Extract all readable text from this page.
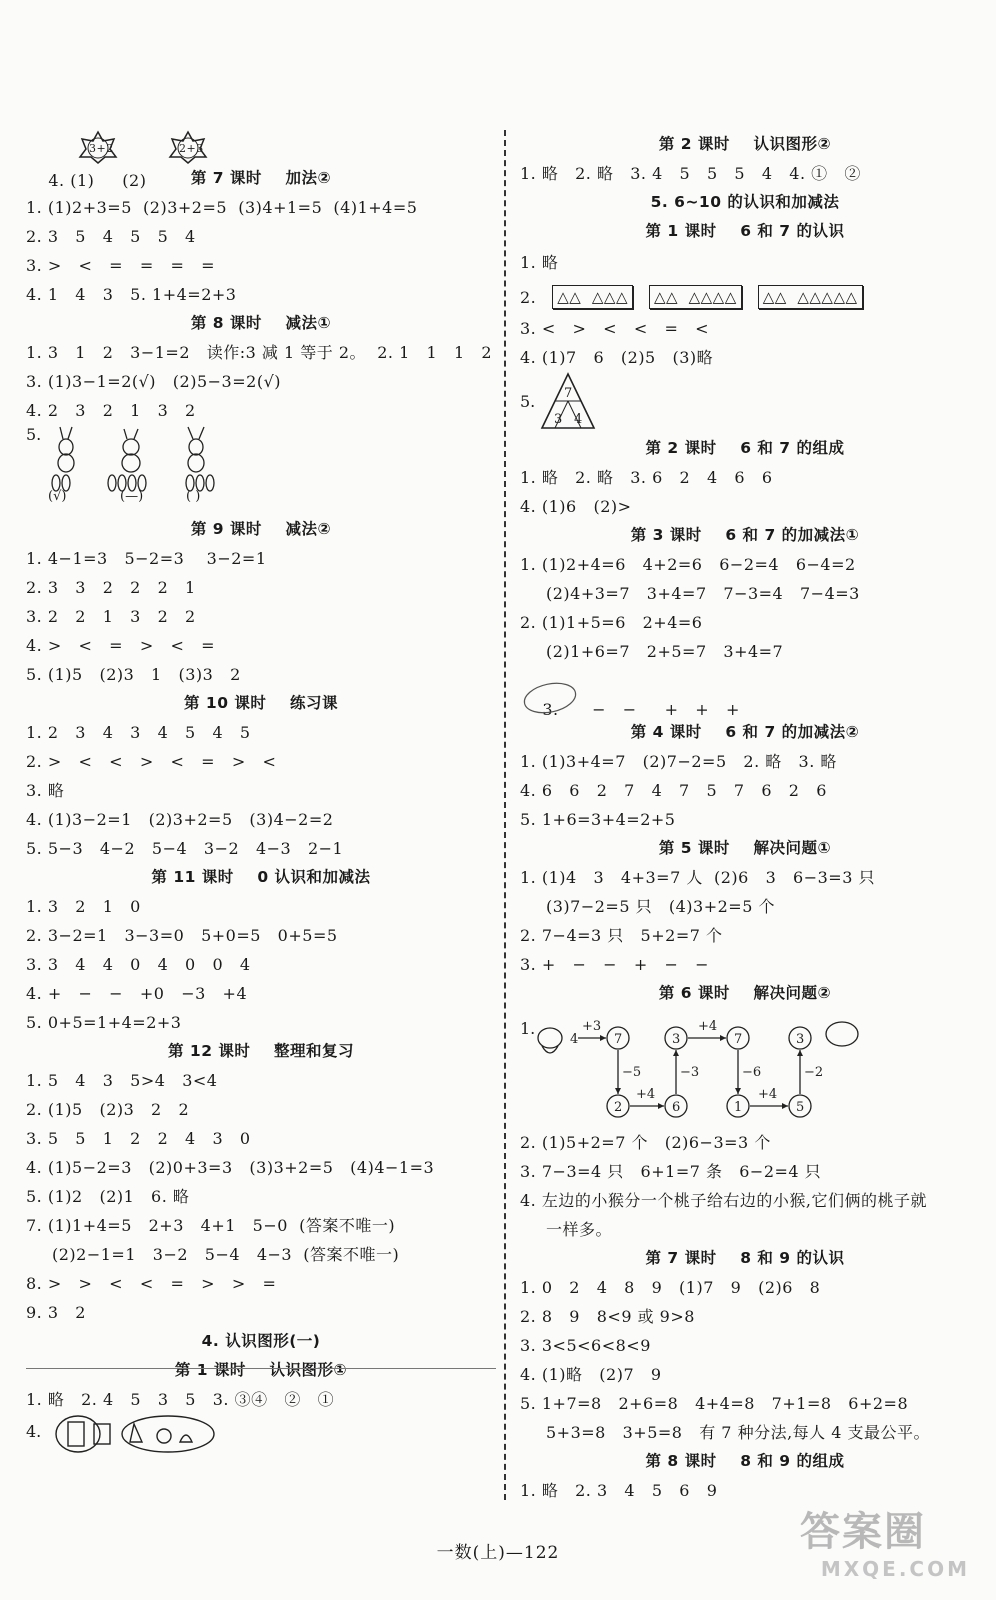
4. (1)     (2)

3+2

	2+3

第 7 课时    加法②
1. (1)2+3=5  (2)3+2=5  (3)4+1=5  (4)1+4=5
2. 3   5   4   5   5   4
3. >   <   =   =   =   =
4. 1   4   3   5. 1+4=2+3
第 8 课时    减法①
1. 3   1   2   3−1=2   读作:3 减 1 等于 2。  2. 1   1   1   2
3. (1)3−1=2(√)   (2)5−3=2(√)
4. 2   3   2   1   3   2
5.
(√)	(—)	( )
第 9 课时    减法②
1. 4−1=3   5−2=3    3−2=1
2. 3   3   2   2   2   1
3. 2   2   1   3   2   2
4. >   <   =   >   <   =
5. (1)5   (2)3   1   (3)3   2
第 10 课时    练习课
1. 2   3   4   3   4   5   4   5
2. >   <   <   >   <   =   >   <
3. 略
4. (1)3−2=1   (2)3+2=5   (3)4−2=2
5. 5−3   4−2   5−4   3−2   4−3   2−1
第 11 课时    0 认识和加减法
1. 3   2   1   0
2. 3−2=1   3−3=0   5+0=5   0+5=5
3. 3   4   4   0   4   0   0   4
4. +   −   −   +0   −3   +4
5. 0+5=1+4=2+3
第 12 课时    整理和复习
1. 5   4   3   5>4   3<4
2. (1)5   (2)3   2   2
3. 5   5   1   2   2   4   3   0
4. (1)5−2=3   (2)0+3=3   (3)3+2=5   (4)4−1=3
5. (1)2   (2)1   6. 略
7. (1)1+4=5   2+3   4+1   5−0  (答案不唯一)
(2)2−1=1   3−2   5−4   4−3  (答案不唯一)
8. >   >   <   <   =   >   >   =
9. 3   2
4. 认识图形(一)
第 1 课时    认识图形①
1. 略   2. 4   5   3   5   3. ③④   ②   ①
4.
第 2 课时    认识图形②
1. 略   2. 略   3. 4   5   5   5   4   4. ①   ②
5. 6~10 的认识和加减法
第 1 课时    6 和 7 的认识
1. 略
2.	△△  △△△	△△  △△△△	△△  △△△△△
3. <   >   <   <   =   <
4. (1)7   6   (2)5   (3)略
5. 7
3 4
第 2 课时    6 和 7 的组成
1. 略   2. 略   3. 6   2   4   6   6
4. (1)6   (2)>
第 3 课时    6 和 7 的加减法①
1. (1)2+4=6   4+2=6   6−2=4   6−4=2
(2)4+3=7   3+4=7   7−3=4   7−4=3
2. (1)1+5=6   2+4=6
(2)1+6=7   2+5=7   3+4=7

3.      −   −     +   +   +

第 4 课时    6 和 7 的加减法②
1. (1)3+4=7   (2)7−2=5   2. 略   3. 略
4. 6   6   2   7   4   7   5   7   6   2   6
5. 1+6=3+4=2+5
第 5 课时    解决问题①
1. (1)4   3   4+3=7 人  (2)6   3   6−3=3 只
(3)7−2=5 只   (4)3+2=5 个
2. 7−4=3 只   5+2=7 个
3. +   −   −   +   −   −
第 6 课时    解决问题②
1.
4	7	3	7	3
+3	+4
−5	−3	−6	−2
2	6	1	5
+4	+4
2. (1)5+2=7 个   (2)6−3=3 个
3. 7−3=4 只   6+1=7 条   6−2=4 只
4. 左边的小猴分一个桃子给右边的小猴,它们俩的桃子就
一样多。
第 7 课时    8 和 9 的认识
1. 0   2   4   8   9   (1)7   9   (2)6   8
2. 8   9   8<9 或 9>8
3. 3<5<6<8<9
4. (1)略   (2)7   9
5. 1+7=8   2+6=8   4+4=8   7+1=8   6+2=8
5+3=8   3+5=8   有 7 种分法,每人 4 支最公平。
第 8 课时    8 和 9 的组成
1. 略   2. 3   4   5   6   9
一数(上)—122	答案圈
MXQE.COM
